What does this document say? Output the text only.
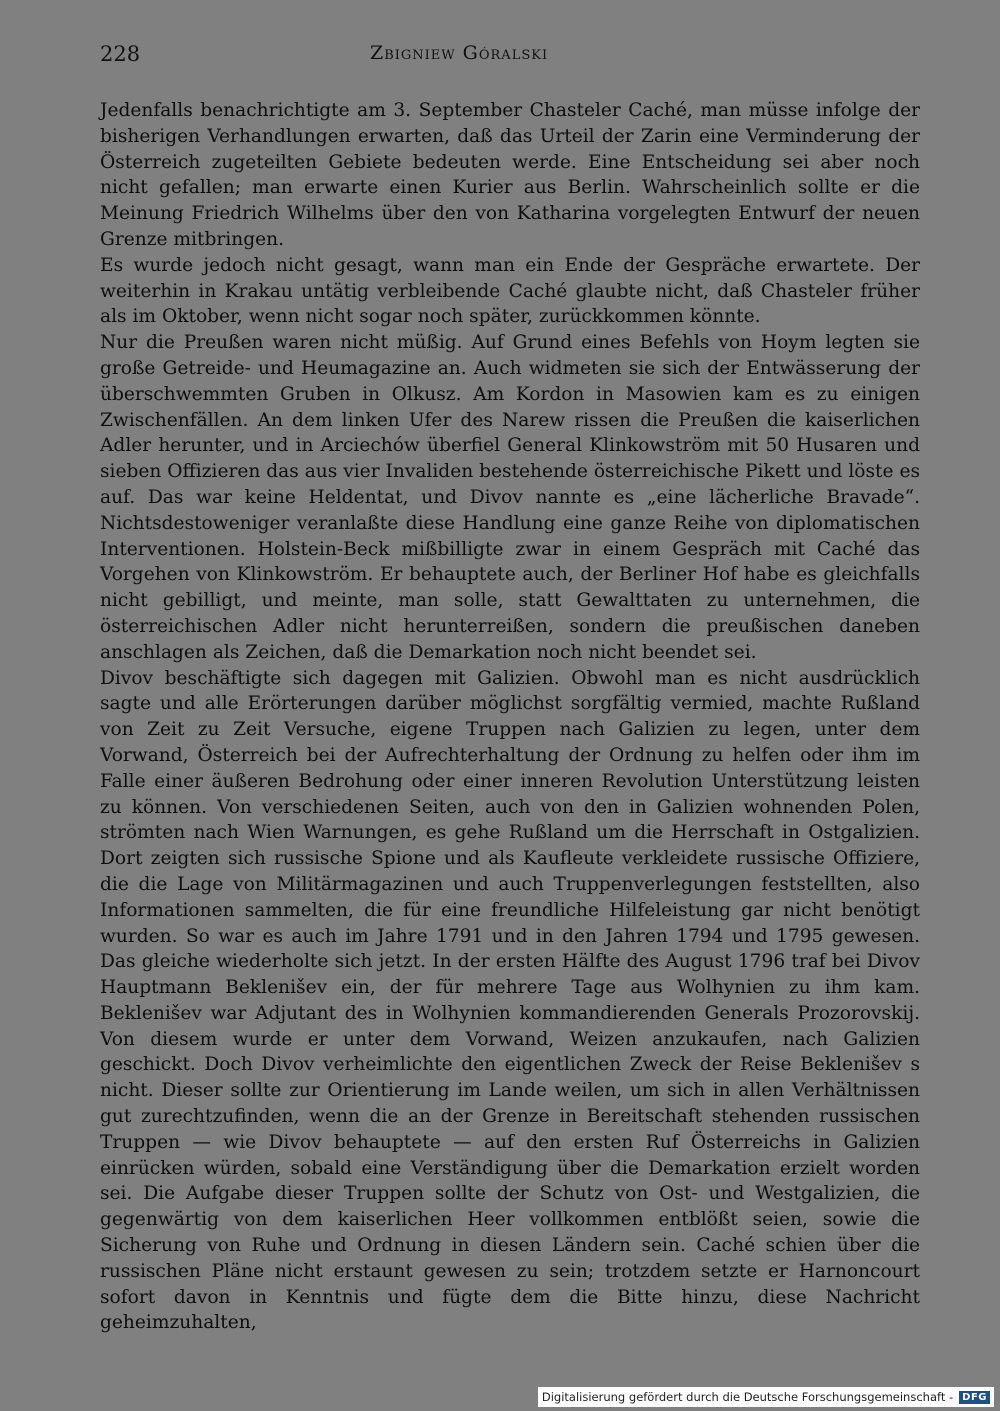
228	Zbigniew Góralski

Jedenfalls benachrichtigte am 3. September Chasteler Caché, man müsse infolge der bisherigen Verhandlungen erwarten, daß das Urteil der Zarin eine Verminderung der Österreich zugeteilten Gebiete bedeuten werde. Eine Entscheidung sei aber noch nicht gefallen; man erwarte einen Kurier aus Berlin. Wahrscheinlich sollte er die Meinung Friedrich Wilhelms über den von Katharina vorgelegten Entwurf der neuen Grenze mitbringen.

Es wurde jedoch nicht gesagt, wann man ein Ende der Gespräche erwartete. Der weiterhin in Krakau untätig verbleibende Caché glaubte nicht, daß Chasteler früher als im Oktober, wenn nicht sogar noch später, zurückkommen könnte.

Nur die Preußen waren nicht müßig. Auf Grund eines Befehls von Hoym legten sie große Getreide- und Heumagazine an. Auch widmeten sie sich der Entwässerung der überschwemmten Gruben in Olkusz. Am Kordon in Masowien kam es zu einigen Zwischenfällen. An dem linken Ufer des Narew rissen die Preußen die kaiserlichen Adler herunter, und in Arciechów überfiel General Klinkowström mit 50 Husaren und sieben Offizieren das aus vier Invaliden bestehende österreichische Pikett und löste es auf. Das war keine Heldentat, und Divov nannte es „eine lächerliche Bravade“. Nichtsdestoweniger veranlaßte diese Handlung eine ganze Reihe von diplomatischen Interventionen. Holstein-Beck mißbilligte zwar in einem Gespräch mit Caché das Vorgehen von Klinkowström. Er behauptete auch, der Berliner Hof habe es gleichfalls nicht gebilligt, und meinte, man solle, statt Gewalttaten zu unternehmen, die österreichischen Adler nicht herunterreißen, sondern die preußischen daneben anschlagen als Zeichen, daß die Demarkation noch nicht beendet sei.

Divov beschäftigte sich dagegen mit Galizien. Obwohl man es nicht ausdrücklich sagte und alle Erörterungen darüber möglichst sorgfältig vermied, machte Rußland von Zeit zu Zeit Versuche, eigene Truppen nach Galizien zu legen, unter dem Vorwand, Österreich bei der Aufrechterhaltung der Ordnung zu helfen oder ihm im Falle einer äußeren Bedrohung oder einer inneren Revolution Unterstützung leisten zu können. Von verschiedenen Seiten, auch von den in Galizien wohnenden Polen, strömten nach Wien Warnungen, es gehe Rußland um die Herrschaft in Ostgalizien. Dort zeigten sich russische Spione und als Kaufleute verkleidete russische Offiziere, die die Lage von Militärmagazinen und auch Truppenverlegungen feststellten, also Informationen sammelten, die für eine freundliche Hilfeleistung gar nicht benötigt wurden. So war es auch im Jahre 1791 und in den Jahren 1794 und 1795 gewesen. Das gleiche wiederholte sich jetzt. In der ersten Hälfte des August 1796 traf bei Divov Hauptmann Beklenišev ein, der für mehrere Tage aus Wolhynien zu ihm kam. Beklenišev war Adjutant des in Wolhynien kommandierenden Generals Prozorovskij. Von diesem wurde er unter dem Vorwand, Weizen anzukaufen, nach Galizien geschickt. Doch Divov verheimlichte den eigentlichen Zweck der Reise Beklenišev s nicht. Dieser sollte zur Orientierung im Lande weilen, um sich in allen Verhältnissen gut zurechtzufinden, wenn die an der Grenze in Bereitschaft stehenden russischen Truppen — wie Divov behauptete — auf den ersten Ruf Österreichs in Galizien einrücken würden, sobald eine Verständigung über die Demarkation erzielt worden sei. Die Aufgabe dieser Truppen sollte der Schutz von Ost- und Westgalizien, die gegenwärtig von dem kaiserlichen Heer vollkommen entblößt seien, sowie die Sicherung von Ruhe und Ordnung in diesen Ländern sein. Caché schien über die russischen Pläne nicht erstaunt gewesen zu sein; trotzdem setzte er Harnoncourt sofort davon in Kenntnis und fügte dem die Bitte hinzu, diese Nachricht geheimzuhalten,

Digitalisierung gefördert durch die Deutsche Forschungsgemeinschaft - DFG
